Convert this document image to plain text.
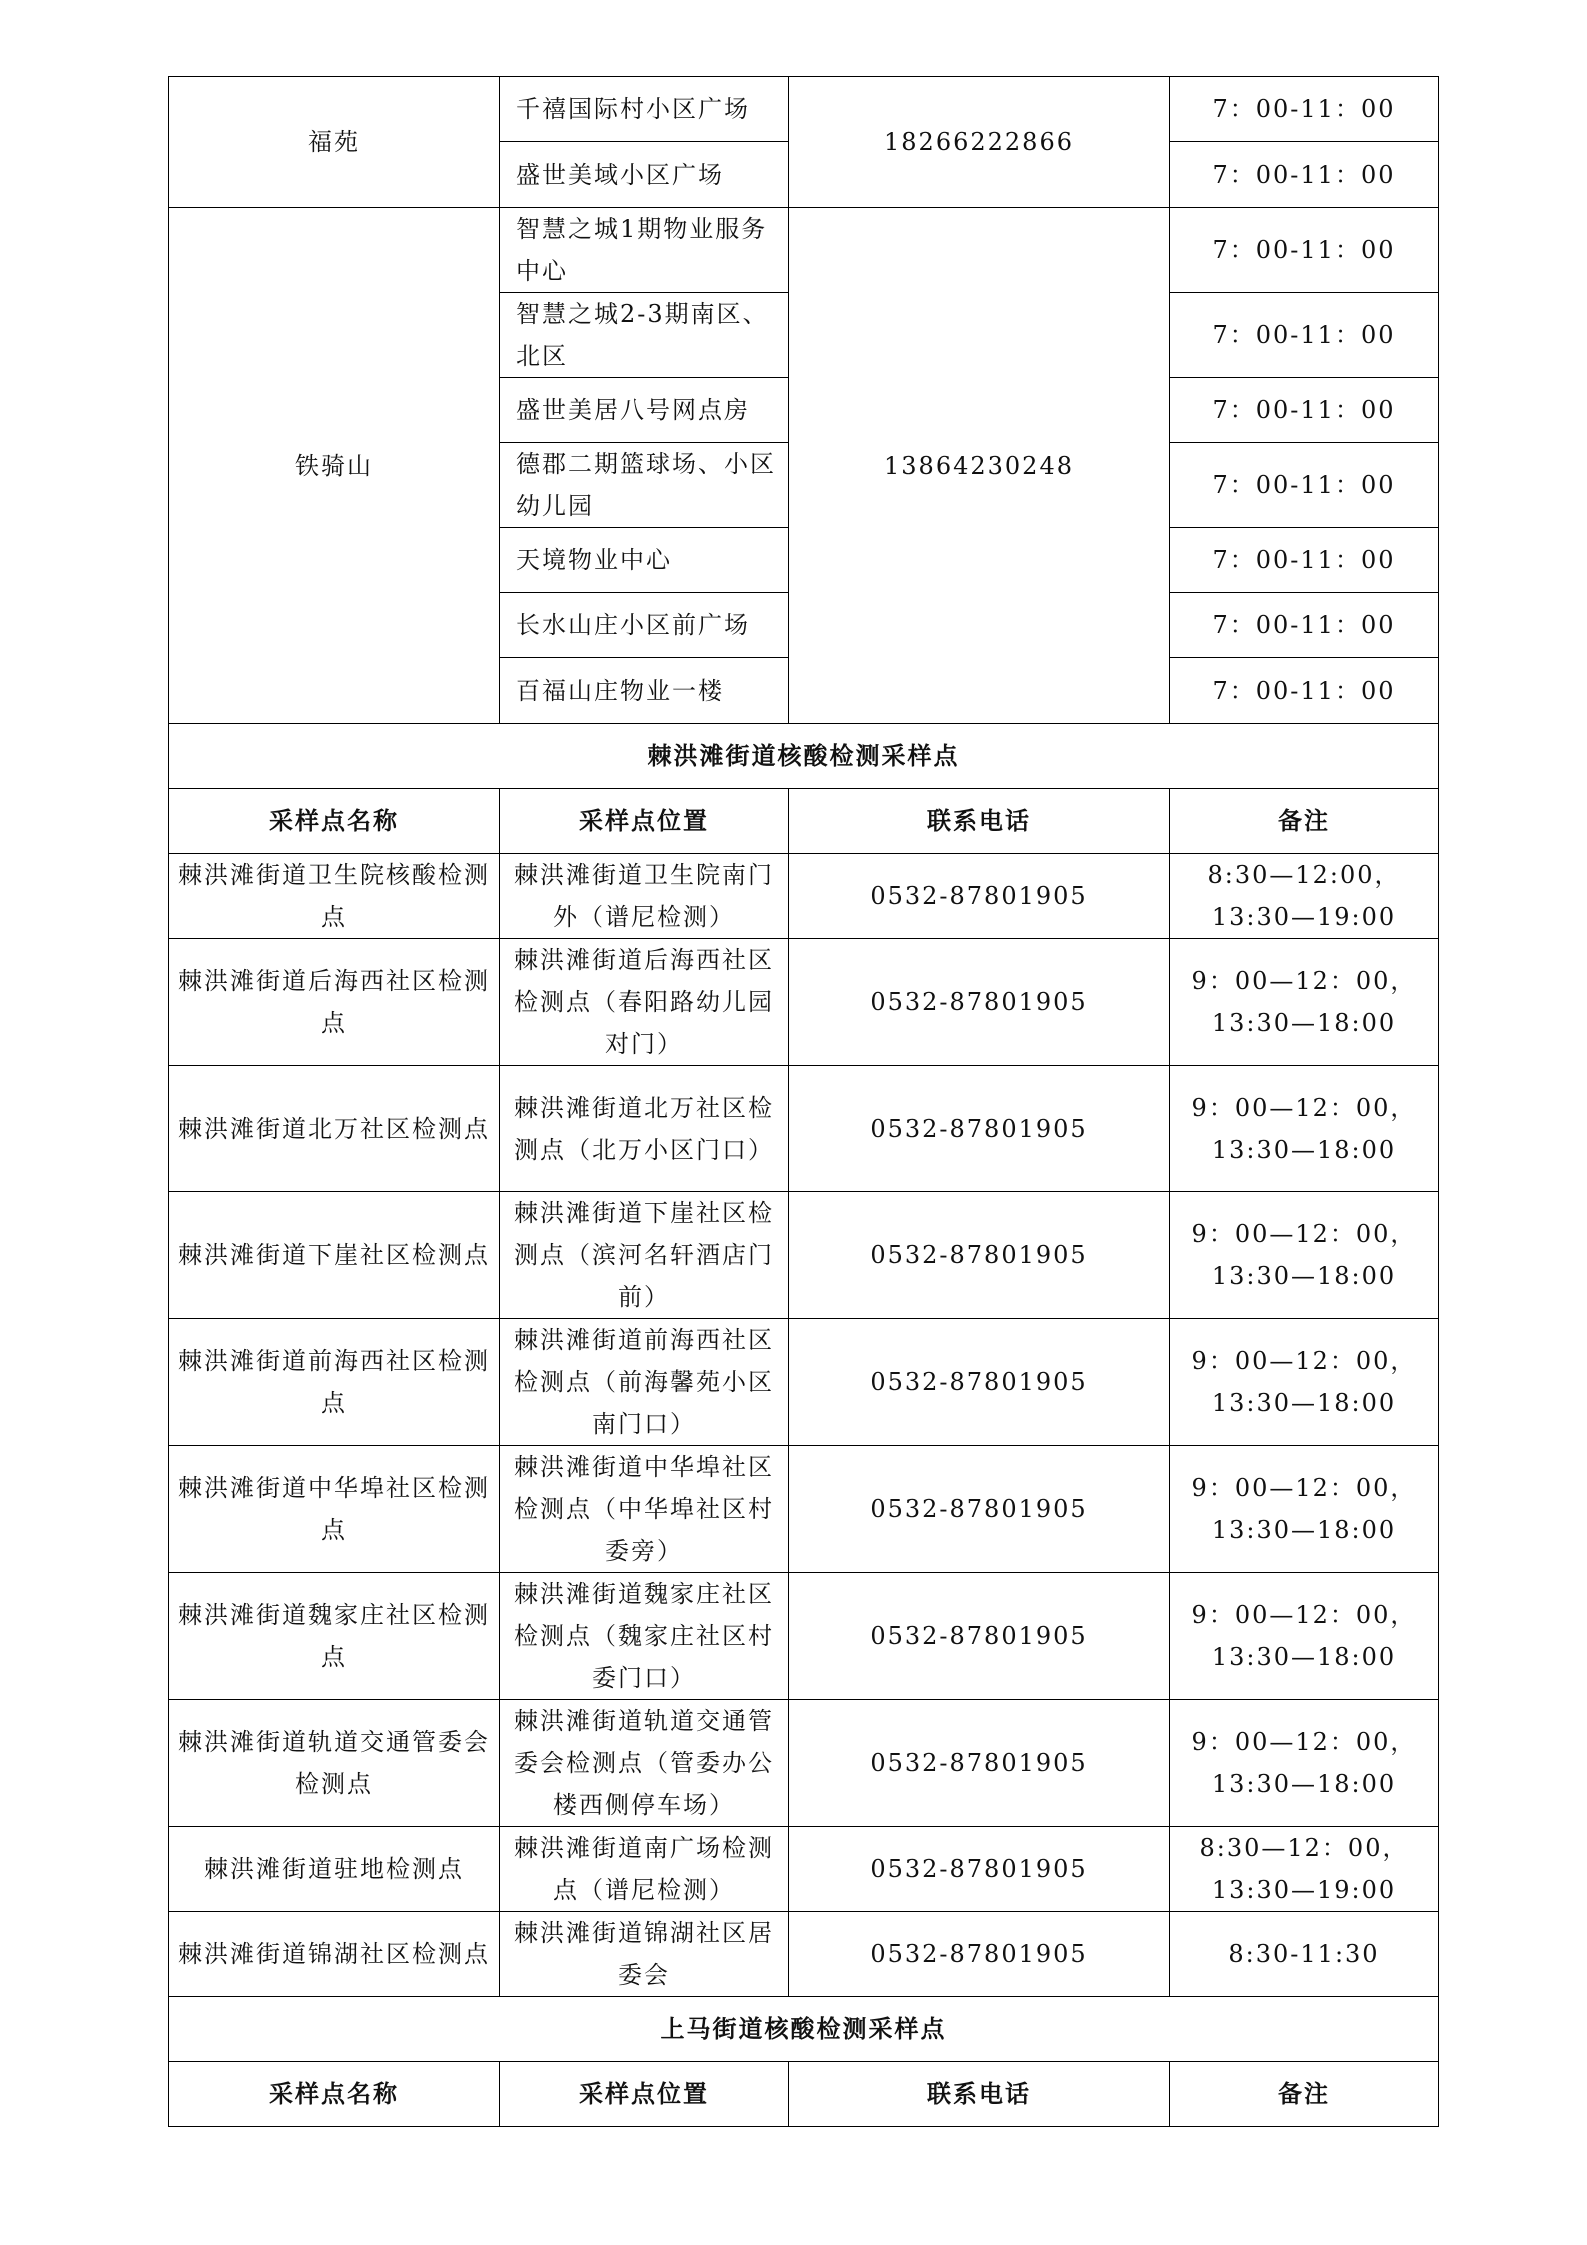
福苑	千禧国际村小区广场	18266222866	7：00-11：00
	盛世美域小区广场		7：00-11：00
铁骑山	智慧之城1期物业服务中心	13864230248	7：00-11：00
	智慧之城2-3期南区、北区		7：00-11：00
	盛世美居八号网点房		7：00-11：00
	德郡二期篮球场、小区幼儿园		7：00-11：00
	天境物业中心		7：00-11：00
	长水山庄小区前广场		7：00-11：00
	百福山庄物业一楼		7：00-11：00
棘洪滩街道核酸检测采样点			
采样点名称	采样点位置	联系电话	备注
棘洪滩街道卫生院核酸检测点	棘洪滩街道卫生院南门外（谱尼检测）	0532-87801905	8:30—12:00，13:30—19:00
棘洪滩街道后海西社区检测点	棘洪滩街道后海西社区检测点（春阳路幼儿园对门）	0532-87801905	9：00—12：00，13:30—18:00
棘洪滩街道北万社区检测点	棘洪滩街道北万社区检测点（北万小区门口）	0532-87801905	9：00—12：00，13:30—18:00
棘洪滩街道下崖社区检测点	棘洪滩街道下崖社区检测点（滨河名轩酒店门前）	0532-87801905	9：00—12：00，13:30—18:00
棘洪滩街道前海西社区检测点	棘洪滩街道前海西社区检测点（前海馨苑小区南门口）	0532-87801905	9：00—12：00，13:30—18:00
棘洪滩街道中华埠社区检测点	棘洪滩街道中华埠社区检测点（中华埠社区村委旁）	0532-87801905	9：00—12：00，13:30—18:00
棘洪滩街道魏家庄社区检测点	棘洪滩街道魏家庄社区检测点（魏家庄社区村委门口）	0532-87801905	9：00—12：00，13:30—18:00
棘洪滩街道轨道交通管委会检测点	棘洪滩街道轨道交通管委会检测点（管委办公楼西侧停车场）	0532-87801905	9：00—12：00，13:30—18:00
棘洪滩街道驻地检测点	棘洪滩街道南广场检测点（谱尼检测）	0532-87801905	8:30—12：00，13:30—19:00
棘洪滩街道锦湖社区检测点	棘洪滩街道锦湖社区居委会	0532-87801905	8:30-11:30
上马街道核酸检测采样点			
采样点名称	采样点位置	联系电话	备注
